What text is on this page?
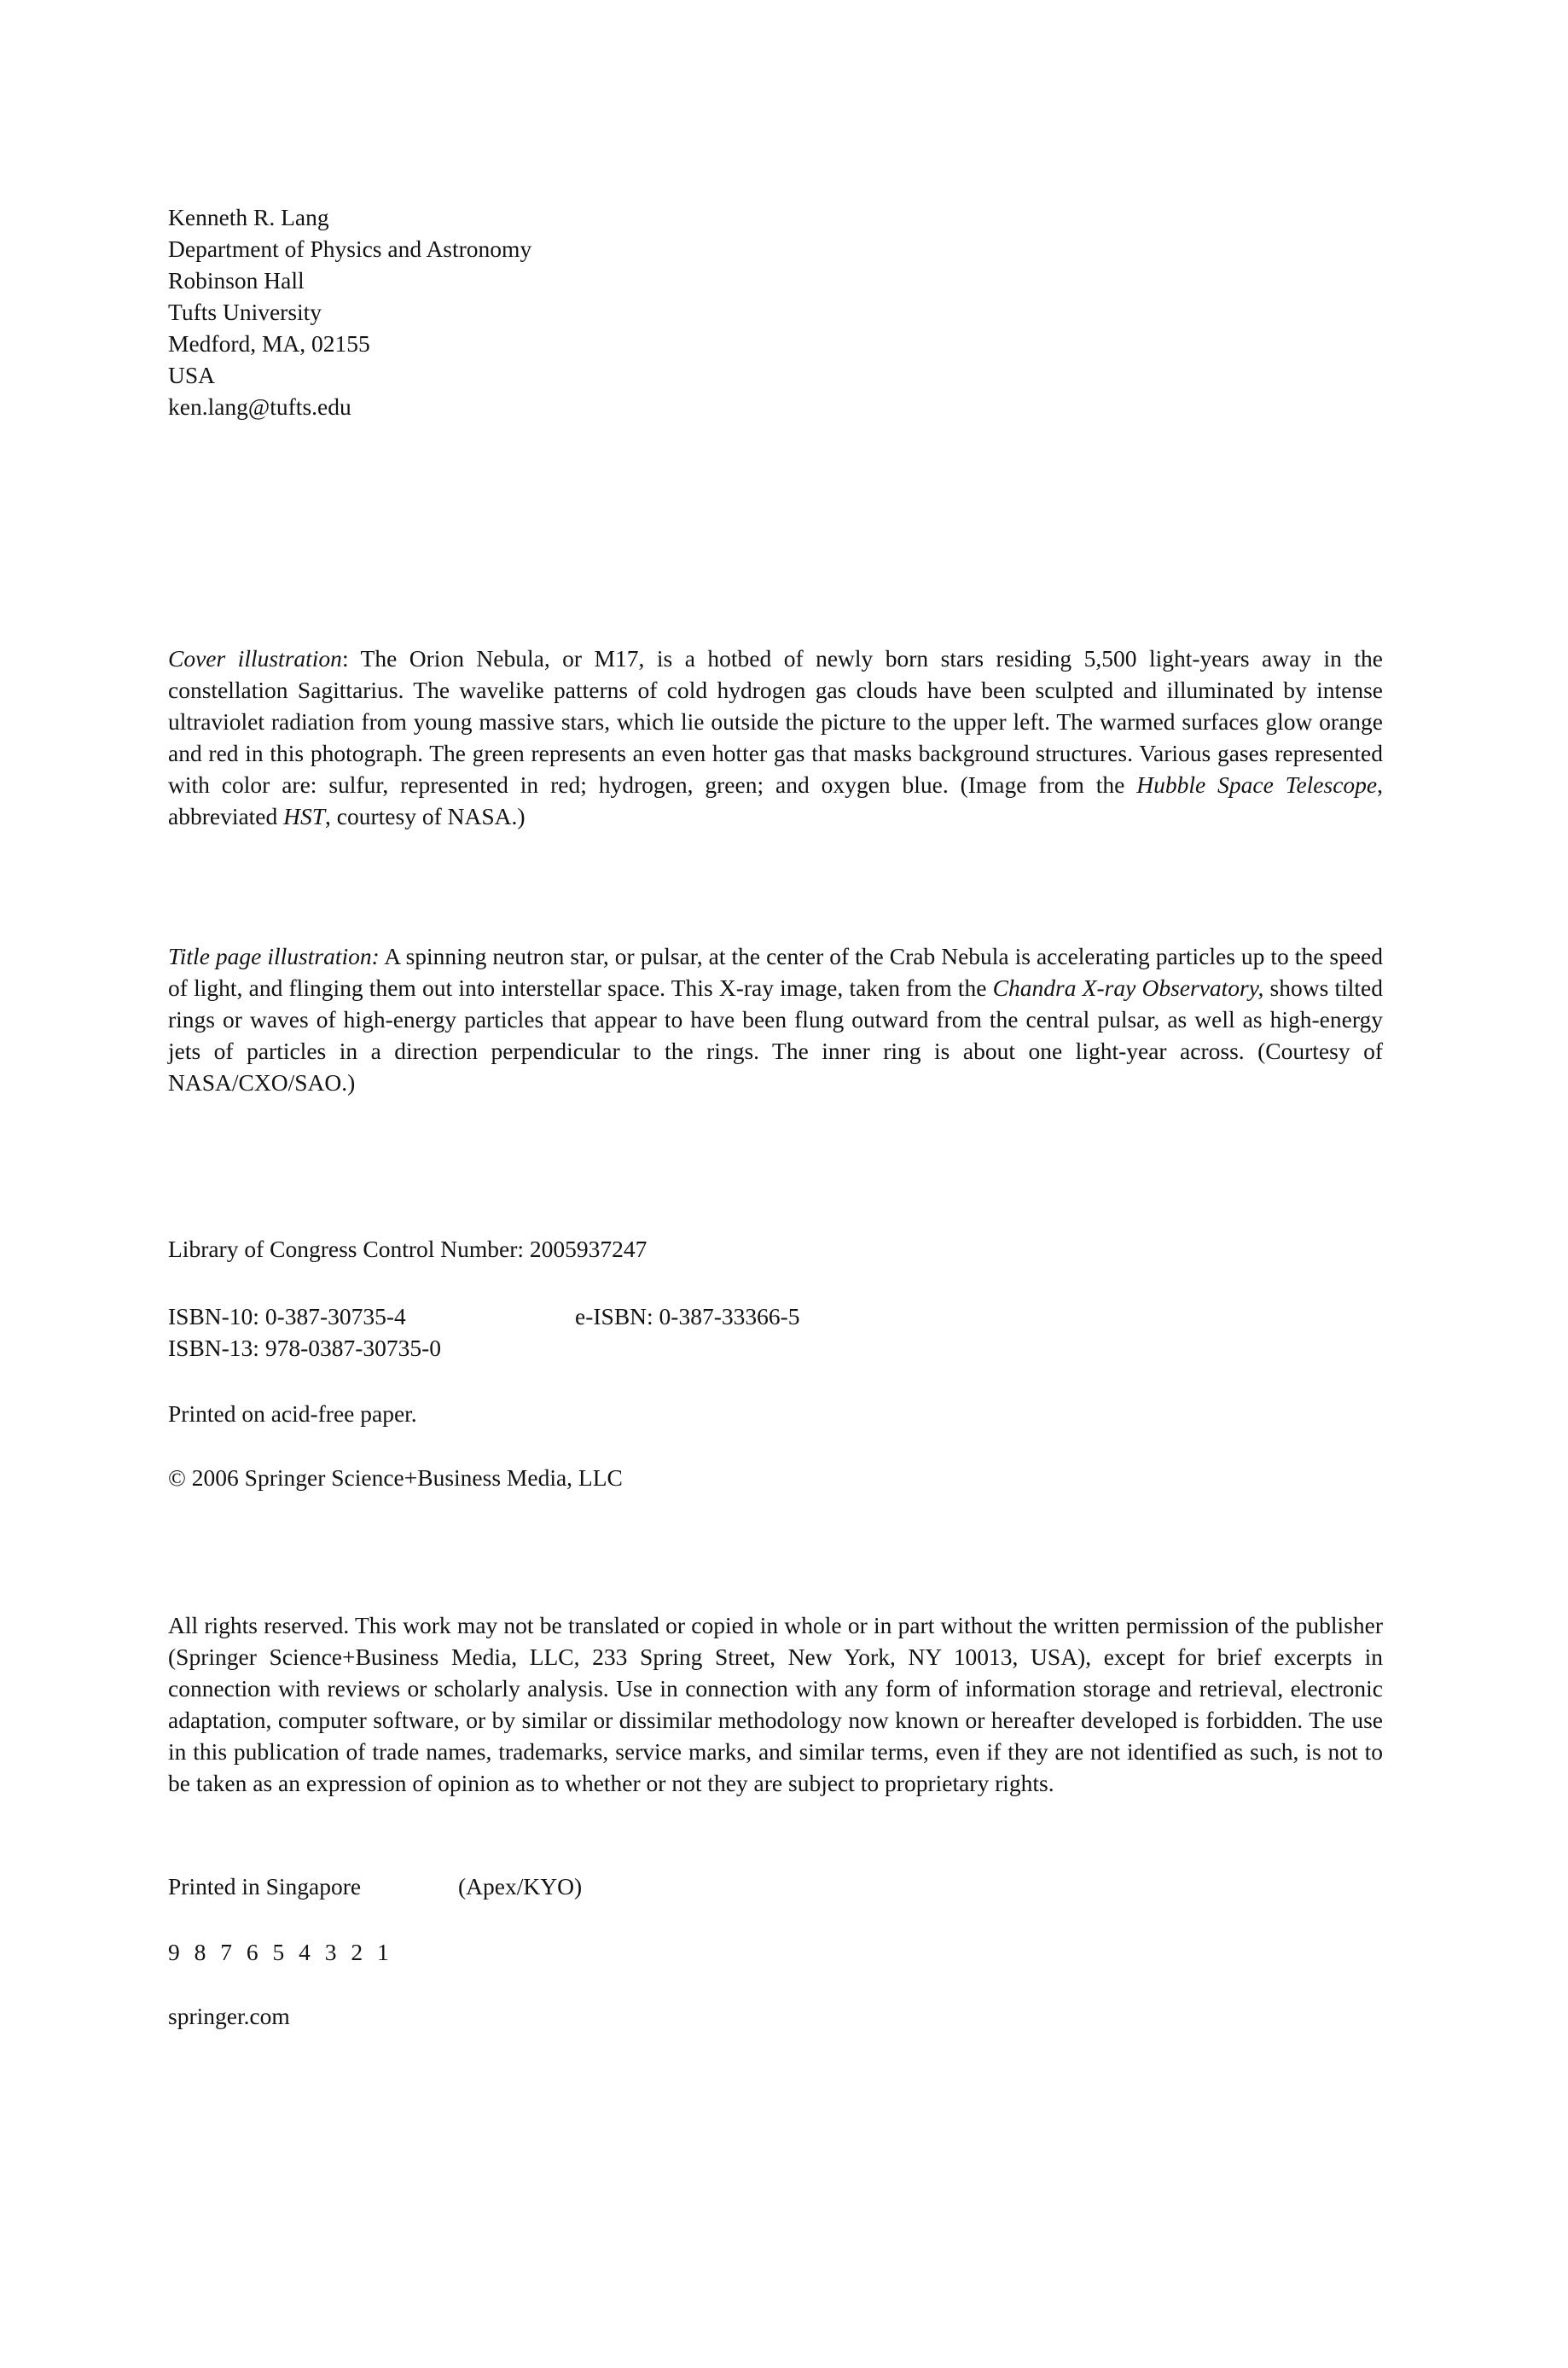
Kenneth R. Lang
Department of Physics and Astronomy
Robinson Hall
Tufts University
Medford, MA, 02155
USA
ken.lang@tufts.edu

Cover illustration: The Orion Nebula, or M17, is a hotbed of newly born stars residing 5,500 light-years away in the constellation Sagittarius. The wavelike patterns of cold hydrogen gas clouds have been sculpted and illuminated by intense ultraviolet radiation from young massive stars, which lie outside the picture to the upper left. The warmed surfaces glow orange and red in this photograph. The green represents an even hotter gas that masks background structures. Various gases represented with color are: sulfur, represented in red; hydrogen, green; and oxygen blue. (Image from the Hubble Space Telescope, abbreviated HST, courtesy of NASA.)

Title page illustration: A spinning neutron star, or pulsar, at the center of the Crab Nebula is accelerating particles up to the speed of light, and flinging them out into interstellar space. This X-ray image, taken from the Chandra X-ray Observatory, shows tilted rings or waves of high-energy particles that appear to have been flung outward from the central pulsar, as well as high-energy jets of particles in a direction perpendicular to the rings. The inner ring is about one light-year across. (Courtesy of NASA/CXO/SAO.)

Library of Congress Control Number: 2005937247
ISBN-10: 0-387-30735-4	e-ISBN: 0-387-33366-5
ISBN-13: 978-0387-30735-0
Printed on acid-free paper.
© 2006 Springer Science+Business Media, LLC

All rights reserved. This work may not be translated or copied in whole or in part without the written permission of the publisher (Springer Science+Business Media, LLC, 233 Spring Street, New York, NY 10013, USA), except for brief excerpts in connection with reviews or scholarly analysis. Use in connection with any form of information storage and retrieval, electronic adaptation, computer software, or by similar or dissimilar methodology now known or hereafter developed is forbidden. The use in this publication of trade names, trademarks, service marks, and similar terms, even if they are not identified as such, is not to be taken as an expression of opinion as to whether or not they are subject to proprietary rights.

Printed in Singapore	(Apex/KYO)
9 8 7 6 5 4 3 2 1
springer.com
